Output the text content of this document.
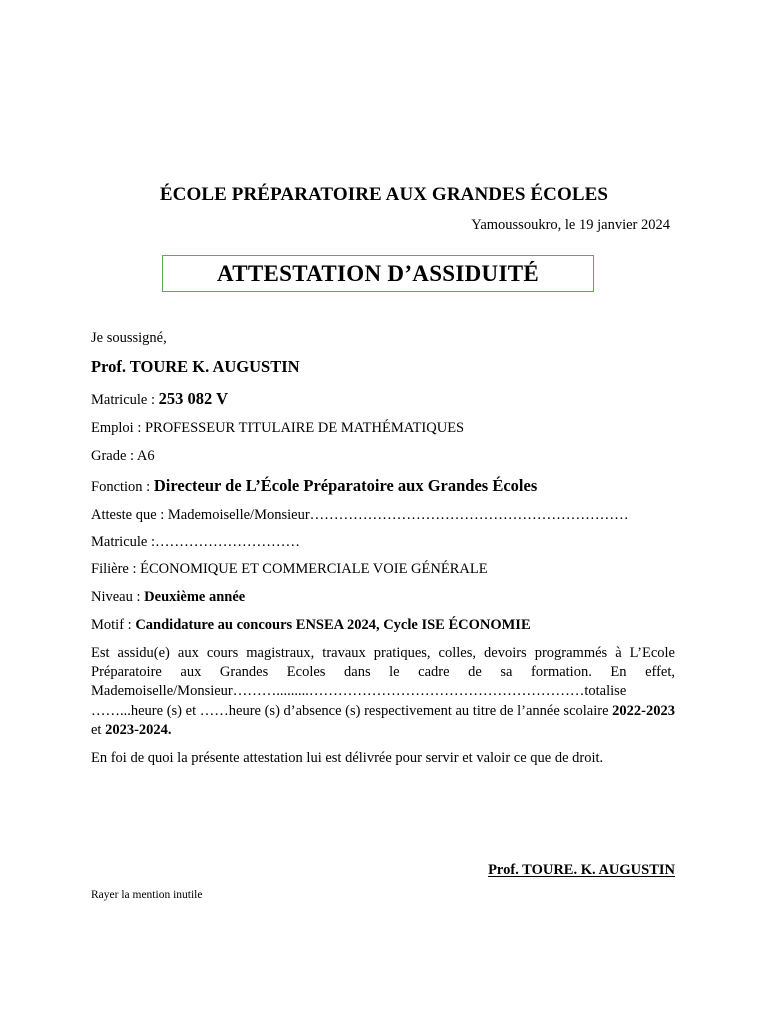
ÉCOLE PRÉPARATOIRE AUX GRANDES ÉCOLES
Yamoussoukro, le 19 janvier 2024
ATTESTATION D’ASSIDUITÉ
Je soussigné,
Prof. TOURE K. AUGUSTIN
Matricule : 253 082 V
Emploi : PROFESSEUR TITULAIRE DE MATHÉMATIQUES
Grade : A6
Fonction : Directeur de L’École Préparatoire aux Grandes Écoles
Atteste que : Mademoiselle/Monsieur…………………………………………………………
Matricule :…………………………
Filière : ÉCONOMIQUE ET COMMERCIALE VOIE GÉNÉRALE
Niveau : Deuxième année
Motif : Candidature au concours ENSEA 2024, Cycle ISE ÉCONOMIE
Est assidu(e) aux cours magistraux, travaux pratiques, colles, devoirs programmés à L’Ecole Préparatoire aux Grandes Ecoles dans le cadre de sa formation. En effet, Mademoiselle/Monsieur……….........…………………………………………………totalise ……...heure (s) et ……heure (s) d’absence (s) respectivement au titre de l’année scolaire 2022-2023 et 2023-2024.
En foi de quoi la présente attestation lui est délivrée pour servir et valoir ce que de droit.
Prof. TOURE. K. AUGUSTIN
Rayer la mention inutile
